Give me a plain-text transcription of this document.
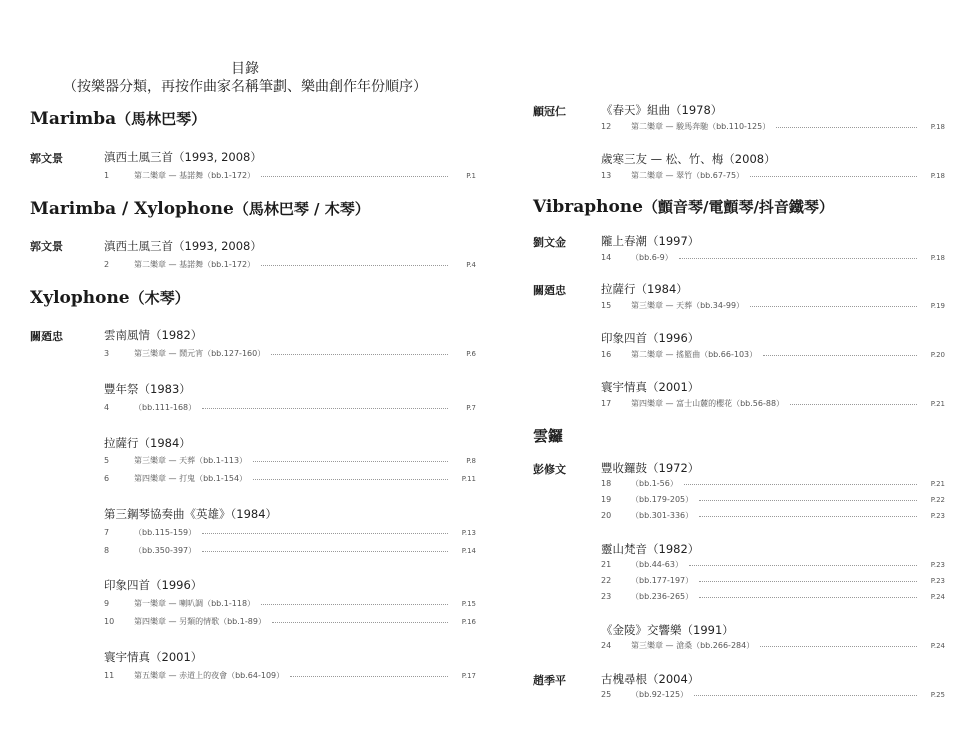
目錄
（按樂器分類，再按作曲家名稱筆劃、樂曲創作年份順序）
Marimba（馬林巴琴）
郭文景	滇西土風三首（1993, 2008）
1	第二樂章 — 基諾舞（bb.1-172）	P.1
Marimba / Xylophone（馬林巴琴 / 木琴）
郭文景	滇西土風三首（1993, 2008）
2	第二樂章 — 基諾舞（bb.1-172）	P.4
Xylophone（木琴）
關廼忠	雲南風情（1982）
3	第三樂章 — 鬧元宵（bb.127-160）	P.6
豐年祭（1983）
4	（bb.111-168）	P.7
拉薩行（1984）
5	第三樂章 — 天葬（bb.1-113）	P.8
6	第四樂章 — 打鬼（bb.1-154）	P.11
第三鋼琴協奏曲《英雄》（1984）
7	（bb.115-159）	P.13
8	（bb.350-397）	P.14
印象四首（1996）
9	第一樂章 — 喇叭調（bb.1-118）	P.15
10	第四樂章 — 另類的情歌（bb.1-89）	P.16
寰宇情真（2001）
11	第五樂章 — 赤道上的夜會（bb.64-109）	P.17
顧冠仁	《春天》組曲（1978）
12	第二樂章 — 駿馬奔馳（bb.110-125）	P.18
歲寒三友 — 松、竹、梅（2008）
13	第二樂章 — 翠竹（bb.67-75）	P.18
Vibraphone（顫音琴/電顫琴/抖音鐵琴）
劉文金	隴上春潮（1997）
14	（bb.6-9）	P.18
關廼忠	拉薩行（1984）
15	第三樂章 — 天葬（bb.34-99）	P.19
印象四首（1996）
16	第二樂章 — 搖籃曲（bb.66-103）	P.20
寰宇情真（2001）
17	第四樂章 — 富士山麓的櫻花（bb.56-88）	P.21
雲鑼
彭修文	豐收鑼鼓（1972）
18	（bb.1-56）	P.21
19	（bb.179-205）	P.22
20	（bb.301-336）	P.23
靈山梵音（1982）
21	（bb.44-63）	P.23
22	（bb.177-197）	P.23
23	（bb.236-265）	P.24
《金陵》交響樂（1991）
24	第三樂章 — 滄桑（bb.266-284）	P.24
趙季平	古槐尋根（2004）
25	（bb.92-125）	P.25
